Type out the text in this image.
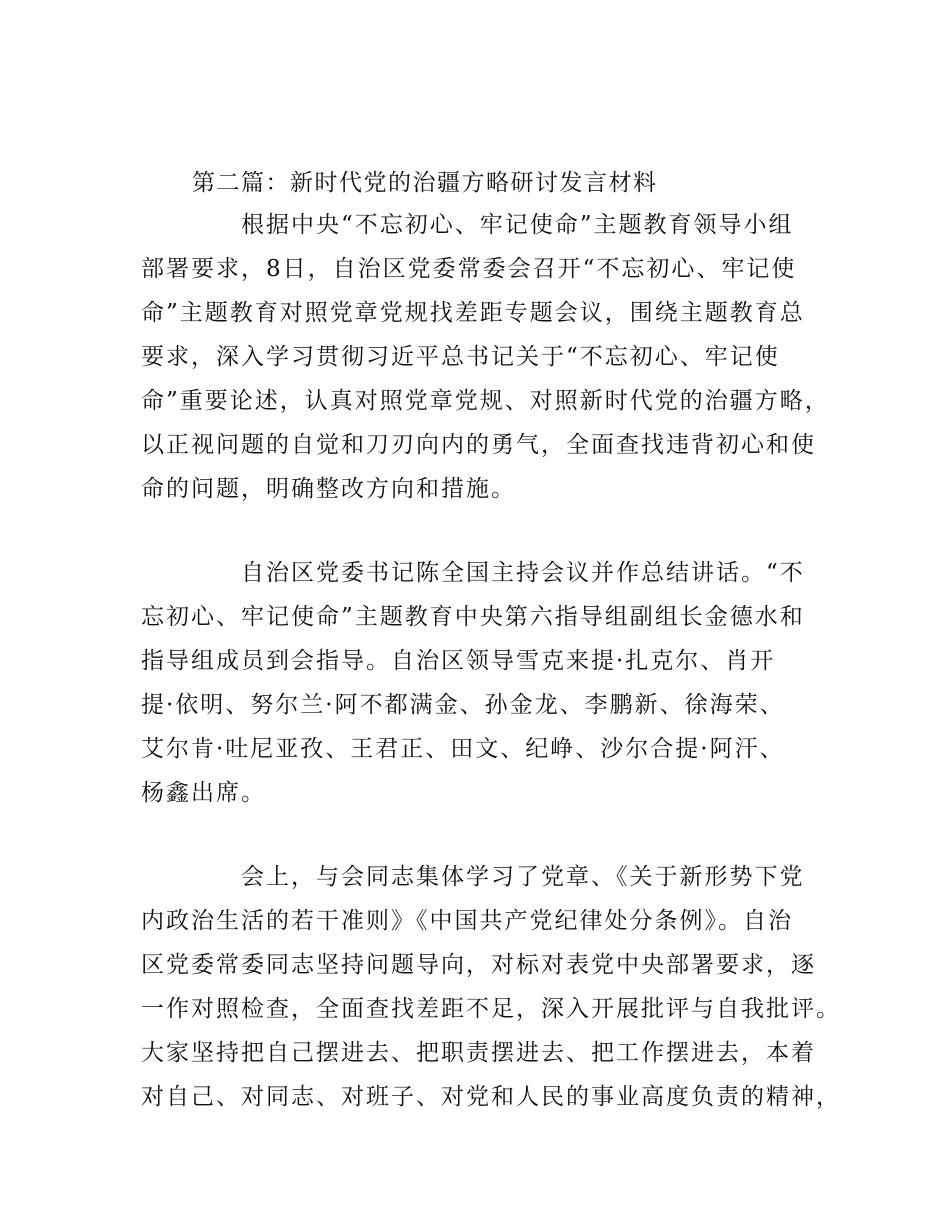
第二篇：新时代党的治疆方略研讨发言材料
根据中央“不忘初心、牢记使命”主题教育领导小组
部署要求，8日，自治区党委常委会召开“不忘初心、牢记使
命”主题教育对照党章党规找差距专题会议，围绕主题教育总
要求，深入学习贯彻习近平总书记关于“不忘初心、牢记使
命”重要论述，认真对照党章党规、对照新时代党的治疆方略，
以正视问题的自觉和刀刃向内的勇气，全面查找违背初心和使
命的问题，明确整改方向和措施。
自治区党委书记陈全国主持会议并作总结讲话。“不
忘初心、牢记使命”主题教育中央第六指导组副组长金德水和
指导组成员到会指导。自治区领导雪克来提·扎克尔、肖开
提·依明、努尔兰·阿不都满金、孙金龙、李鹏新、徐海荣、
艾尔肯·吐尼亚孜、王君正、田文、纪峥、沙尔合提·阿汗、
杨鑫出席。
会上，与会同志集体学习了党章、《关于新形势下党
内政治生活的若干准则》《中国共产党纪律处分条例》。自治
区党委常委同志坚持问题导向，对标对表党中央部署要求，逐
一作对照检查，全面查找差距不足，深入开展批评与自我批评。
大家坚持把自己摆进去、把职责摆进去、把工作摆进去，本着
对自己、对同志、对班子、对党和人民的事业高度负责的精神，
